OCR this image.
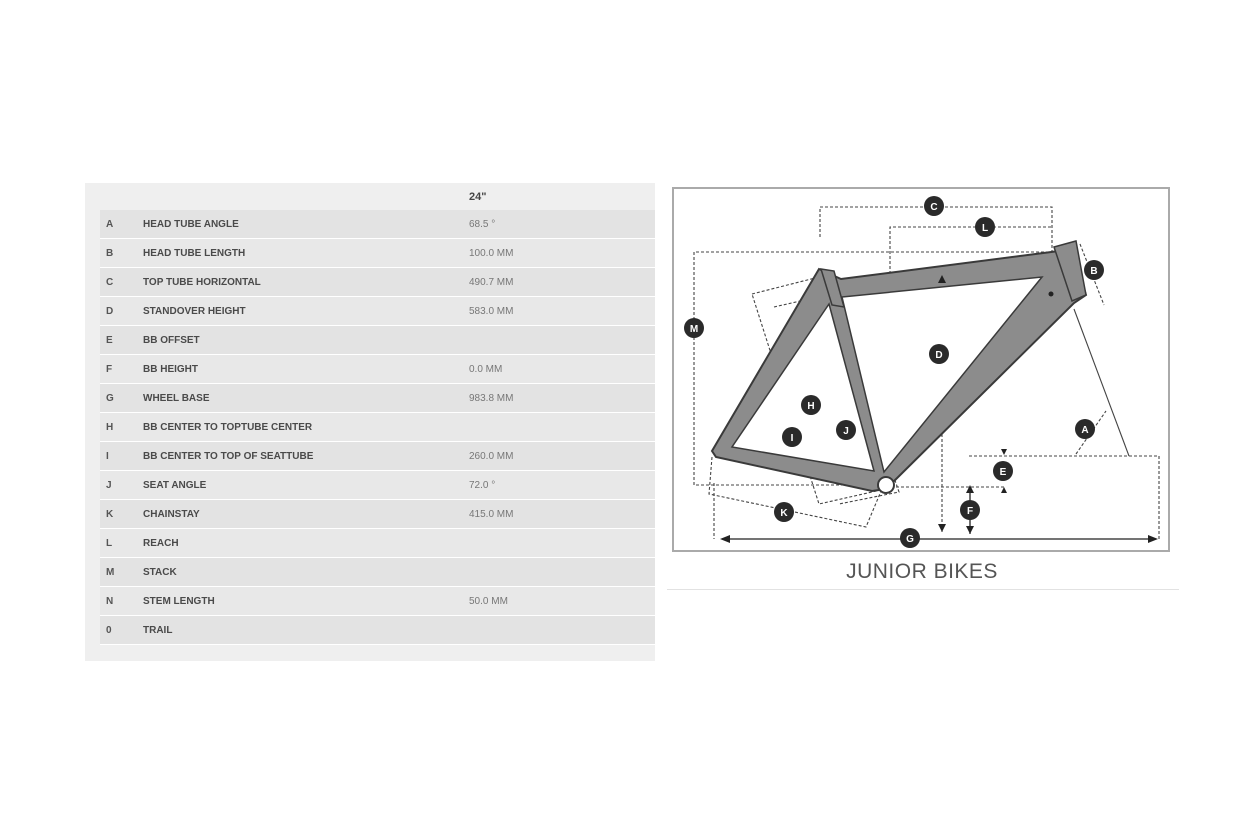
24"
A	HEAD TUBE ANGLE	68.5 °
B	HEAD TUBE LENGTH	100.0 MM
C	TOP TUBE HORIZONTAL	490.7 MM
D	STANDOVER HEIGHT	583.0 MM
E	BB OFFSET
F	BB HEIGHT	0.0 MM
G	WHEEL BASE	983.8 MM
H	BB CENTER TO TOPTUBE CENTER
I	BB CENTER TO TOP OF SEATTUBE	260.0 MM
J	SEAT ANGLE	72.0 °
K	CHAINSTAY	415.0 MM
L	REACH
M	STACK
N	STEM LENGTH	50.0 MM
0	TRAIL
C
L
B
M
D
H
J
I
A
E
K	F
G
JUNIOR BIKES
